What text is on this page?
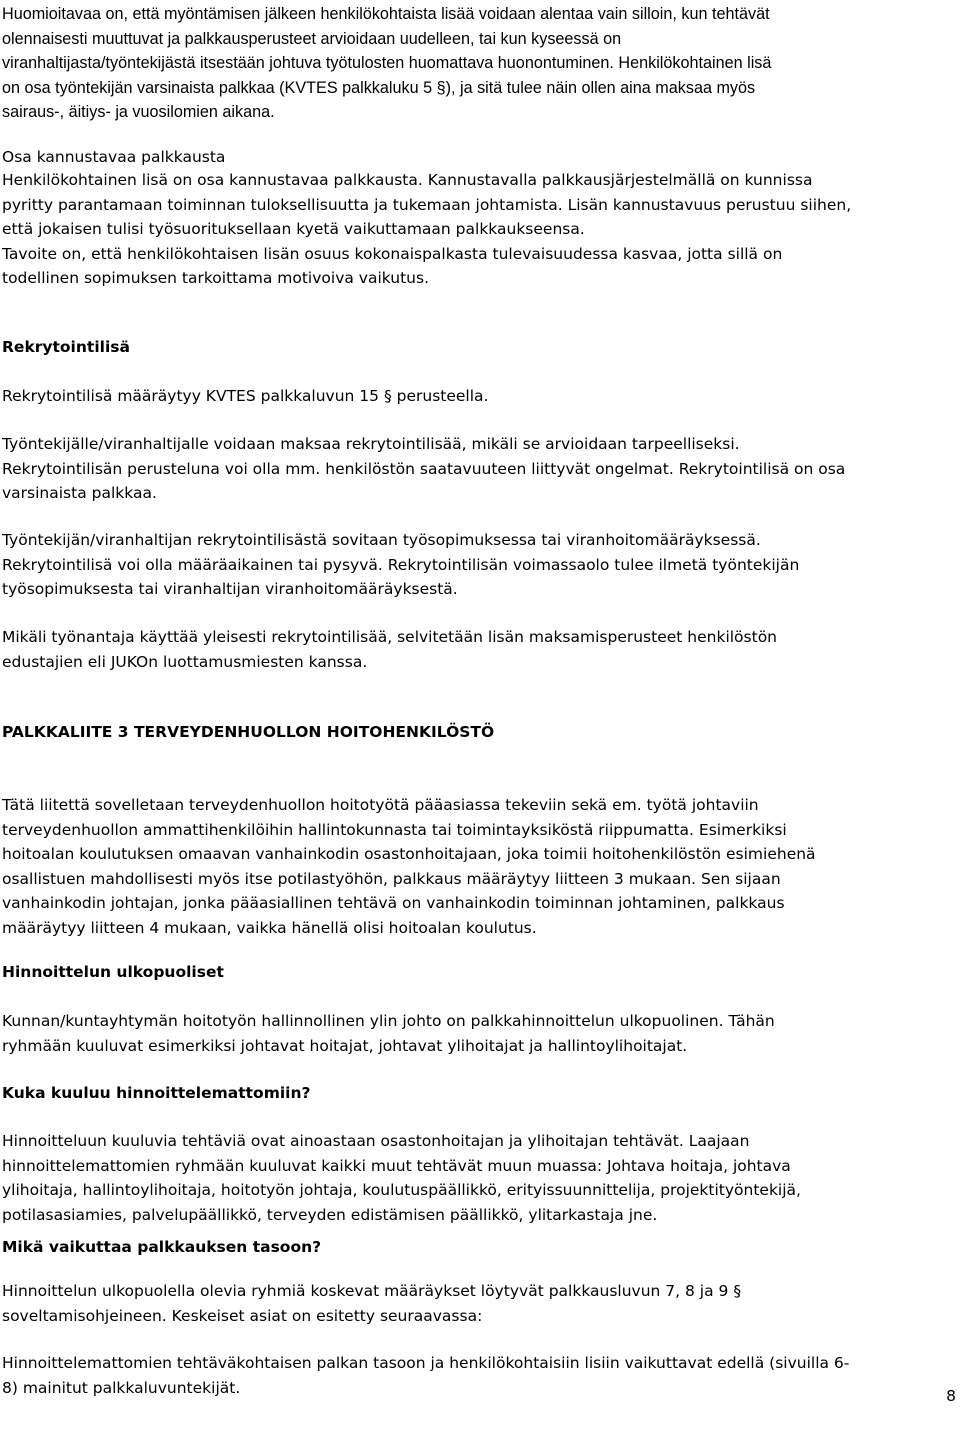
Huomioitavaa on, että myöntämisen jälkeen henkilökohtaista lisää voidaan alentaa vain silloin, kun tehtävät
olennaisesti muuttuvat ja palkkausperusteet arvioidaan uudelleen, tai kun kyseessä on
viranhaltijasta/työntekijästä itsestään johtuva työtulosten huomattava huonontuminen. Henkilökohtainen lisä
on osa työntekijän varsinaista palkkaa (KVTES palkkaluku 5 §), ja sitä tulee näin ollen aina maksaa myös
sairaus-, äitiys- ja vuosilomien aikana.

Osa kannustavaa palkkausta

Henkilökohtainen lisä on osa kannustavaa palkkausta. Kannustavalla palkkausjärjestelmällä on kunnissa
pyritty parantamaan toiminnan tuloksellisuutta ja tukemaan johtamista. Lisän kannustavuus perustuu siihen,
että jokaisen tulisi työsuorituksellaan kyetä vaikuttamaan palkkaukseensa.
Tavoite on, että henkilökohtaisen lisän osuus kokonaispalkasta tulevaisuudessa kasvaa, jotta sillä on
todellinen sopimuksen tarkoittama motivoiva vaikutus.

Rekrytointilisä

Rekrytointilisä määräytyy KVTES palkkaluvun 15 § perusteella.

Työntekijälle/viranhaltijalle voidaan maksaa rekrytointilisää, mikäli se arvioidaan tarpeelliseksi.
Rekrytointilisän perusteluna voi olla mm. henkilöstön saatavuuteen liittyvät ongelmat. Rekrytointilisä on osa
varsinaista palkkaa.

Työntekijän/viranhaltijan rekrytointilisästä sovitaan työsopimuksessa tai viranhoitomääräyksessä.
Rekrytointilisä voi olla määräaikainen tai pysyvä. Rekrytointilisän voimassaolo tulee ilmetä työntekijän
työsopimuksesta tai viranhaltijan viranhoitomääräyksestä.

Mikäli työnantaja käyttää yleisesti rekrytointilisää, selvitetään lisän maksamisperusteet henkilöstön
edustajien eli JUKOn luottamusmiesten kanssa.

PALKKALIITE 3 TERVEYDENHUOLLON HOITOHENKILÖSTÖ

Tätä liitettä sovelletaan terveydenhuollon hoitotyötä pääasiassa tekeviin sekä em. työtä johtaviin
terveydenhuollon ammattihenkilöihin hallintokunnasta tai toimintayksiköstä riippumatta. Esimerkiksi
hoitoalan koulutuksen omaavan vanhainkodin osastonhoitajaan, joka toimii hoitohenkilöstön esimiehenä
osallistuen mahdollisesti myös itse potilastyöhön, palkkaus määräytyy liitteen 3 mukaan. Sen sijaan
vanhainkodin johtajan, jonka pääasiallinen tehtävä on vanhainkodin toiminnan johtaminen, palkkaus
määräytyy liitteen 4 mukaan, vaikka hänellä olisi hoitoalan koulutus.

Hinnoittelun ulkopuoliset

Kunnan/kuntayhtymän hoitotyön hallinnollinen ylin johto on palkkahinnoittelun ulkopuolinen. Tähän
ryhmään kuuluvat esimerkiksi johtavat hoitajat, johtavat ylihoitajat ja hallintoylihoitajat.

Kuka kuuluu hinnoittelemattomiin?

Hinnoitteluun kuuluvia tehtäviä ovat ainoastaan osastonhoitajan ja ylihoitajan tehtävät. Laajaan
hinnoittelemattomien ryhmään kuuluvat kaikki muut tehtävät muun muassa: Johtava hoitaja, johtava
ylihoitaja, hallintoylihoitaja, hoitotyön johtaja, koulutuspäällikkö, erityissuunnittelija, projektityöntekijä,
potilasasiamies, palvelupäällikkö, terveyden edistämisen päällikkö, ylitarkastaja jne.

Mikä vaikuttaa palkkauksen tasoon?

Hinnoittelun ulkopuolella olevia ryhmiä koskevat määräykset löytyvät palkkausluvun 7, 8 ja 9 §
soveltamisohjeineen. Keskeiset asiat on esitetty seuraavassa:

Hinnoittelemattomien tehtäväkohtaisen palkan tasoon ja henkilökohtaisiin lisiin vaikuttavat edellä (sivuilla 6-
8) mainitut palkkaluvuntekijät.	8
